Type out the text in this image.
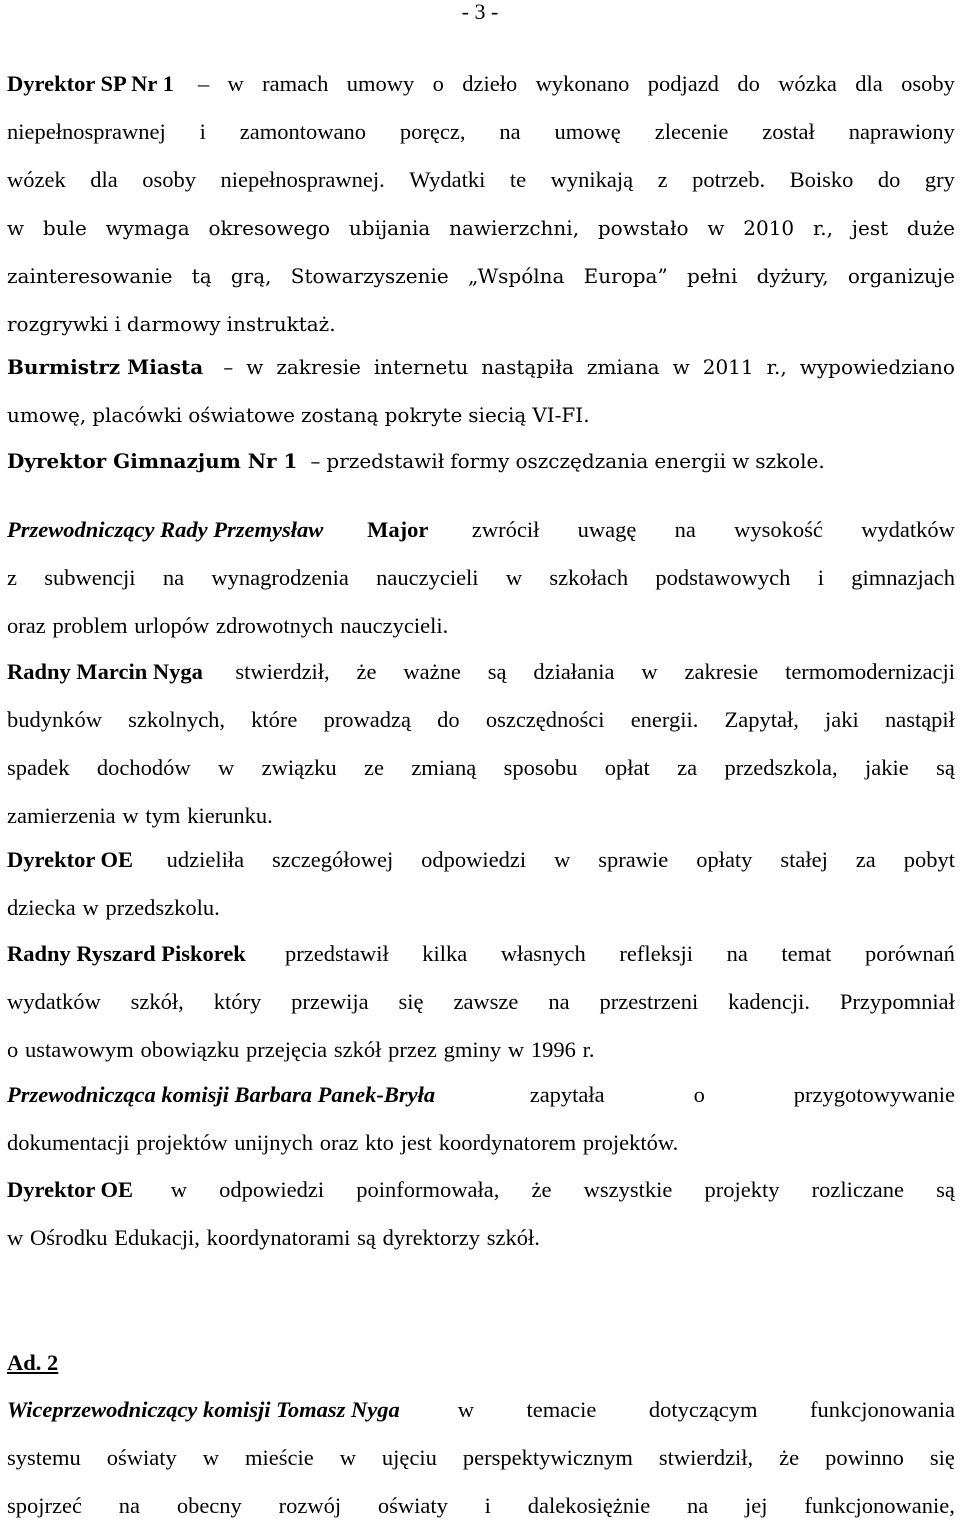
- 3 -
Dyrektor SP Nr 1 – w ramach umowy o dzieło wykonano podjazd do wózka dla osoby
niepełnosprawnej i zamontowano poręcz, na umowę zlecenie został naprawiony
wózek dla osoby niepełnosprawnej. Wydatki te wynikają z potrzeb. Boisko do gry
w bule wymaga okresowego ubijania nawierzchni, powstało w 2010 r., jest duże
zainteresowanie tą grą, Stowarzyszenie „Wspólna Europa” pełni dyżury, organizuje
rozgrywki i darmowy instruktaż.
Burmistrz Miasta – w zakresie internetu nastąpiła zmiana w 2011 r., wypowiedziano
umowę, placówki oświatowe zostaną pokryte siecią VI-FI.
Dyrektor Gimnazjum Nr 1 – przedstawił formy oszczędzania energii w szkole.
Przewodniczący Rady Przemysław Major zwrócił uwagę na wysokość wydatków
z subwencji na wynagrodzenia nauczycieli w szkołach podstawowych i gimnazjach
oraz problem urlopów zdrowotnych nauczycieli.
Radny Marcin Nyga stwierdził, że ważne są działania w zakresie termomodernizacji
budynków szkolnych, które prowadzą do oszczędności energii. Zapytał, jaki nastąpił
spadek dochodów w związku ze zmianą sposobu opłat za przedszkola, jakie są
zamierzenia w tym kierunku.
Dyrektor OE udzieliła szczegółowej odpowiedzi w sprawie opłaty stałej za pobyt
dziecka w przedszkolu.
Radny Ryszard Piskorek przedstawił kilka własnych refleksji na temat porównań
wydatków szkół, który przewija się zawsze na przestrzeni kadencji. Przypomniał
o ustawowym obowiązku przejęcia szkół przez gminy w 1996 r.
Przewodnicząca komisji Barbara Panek-Bryła	zapytała	o	przygotowywanie
dokumentacji projektów unijnych oraz kto jest koordynatorem projektów.
Dyrektor OE w odpowiedzi poinformowała, że wszystkie projekty rozliczane są
w Ośrodku Edukacji, koordynatorami są dyrektorzy szkół.
Ad. 2
Wiceprzewodniczący komisji Tomasz Nyga w temacie dotyczącym funkcjonowania
systemu oświaty w mieście w ujęciu perspektywicznym stwierdził, że powinno się
spojrzeć na obecny rozwój oświaty i dalekosiężnie na jej funkcjonowanie,
